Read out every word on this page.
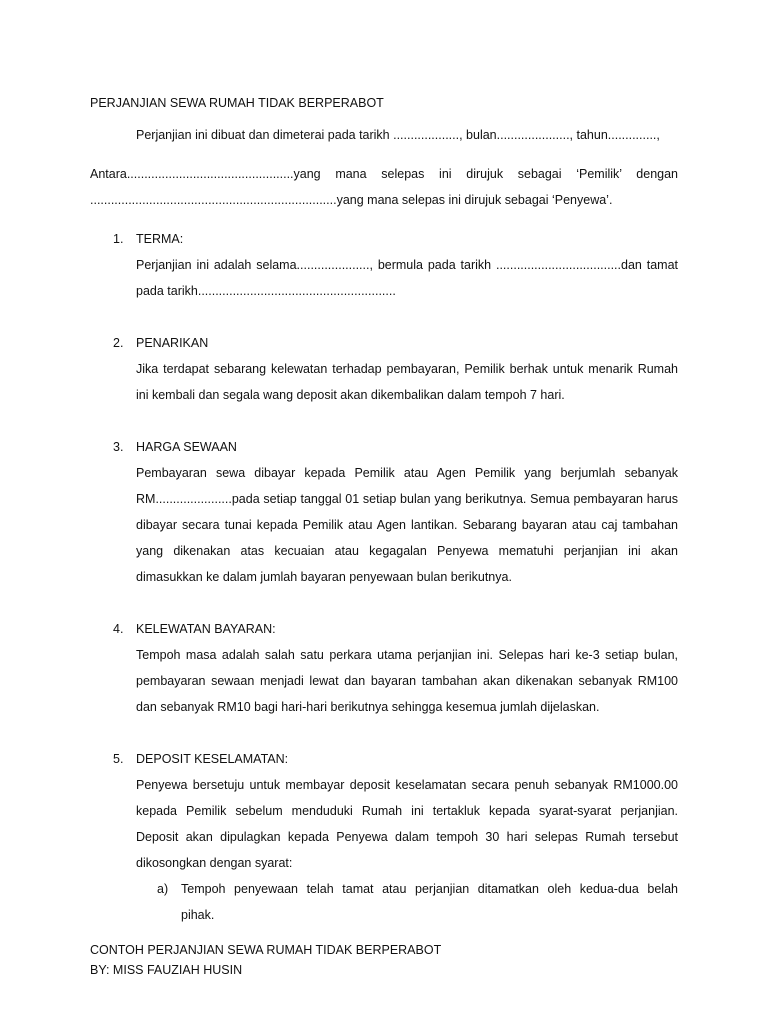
PERJANJIAN SEWA RUMAH TIDAK BERPERABOT
Perjanjian ini dibuat dan dimeterai pada tarikh ..................., bulan....................., tahun..............,
Antara................................................yang mana selepas ini dirujuk sebagai ‘Pemilik’ dengan
.......................................................................yang mana selepas ini dirujuk sebagai ‘Penyewa’.
1. TERMA:
Perjanjian ini adalah selama....................., bermula pada tarikh ....................................dan tamat
pada tarikh.........................................................
2. PENARIKAN
Jika terdapat sebarang kelewatan terhadap pembayaran, Pemilik berhak untuk menarik Rumah
ini kembali dan segala wang deposit akan dikembalikan dalam tempoh 7 hari.
3. HARGA SEWAAN
Pembayaran sewa dibayar kepada Pemilik atau Agen Pemilik yang berjumlah sebanyak
RM......................pada setiap tanggal 01 setiap bulan yang berikutnya. Semua pembayaran harus
dibayar secara tunai kepada Pemilik atau Agen lantikan. Sebarang bayaran atau caj tambahan
yang dikenakan atas kecuaian atau kegagalan Penyewa mematuhi perjanjian ini akan
dimasukkan ke dalam jumlah bayaran penyewaan bulan berikutnya.
4. KELEWATAN BAYARAN:
Tempoh masa adalah salah satu perkara utama perjanjian ini. Selepas hari ke-3 setiap bulan,
pembayaran sewaan menjadi lewat dan bayaran tambahan akan dikenakan sebanyak RM100
dan sebanyak RM10 bagi hari-hari berikutnya sehingga kesemua jumlah dijelaskan.
5. DEPOSIT KESELAMATAN:
Penyewa bersetuju untuk membayar deposit keselamatan secara penuh sebanyak RM1000.00
kepada Pemilik sebelum menduduki Rumah ini tertakluk kepada syarat-syarat perjanjian.
Deposit akan dipulagkan kepada Penyewa dalam tempoh 30 hari selepas Rumah tersebut
dikosongkan dengan syarat:
a) Tempoh penyewaan telah tamat atau perjanjian ditamatkan oleh kedua-dua belah
pihak.
CONTOH PERJANJIAN SEWA RUMAH TIDAK BERPERABOT
BY: MISS FAUZIAH HUSIN
